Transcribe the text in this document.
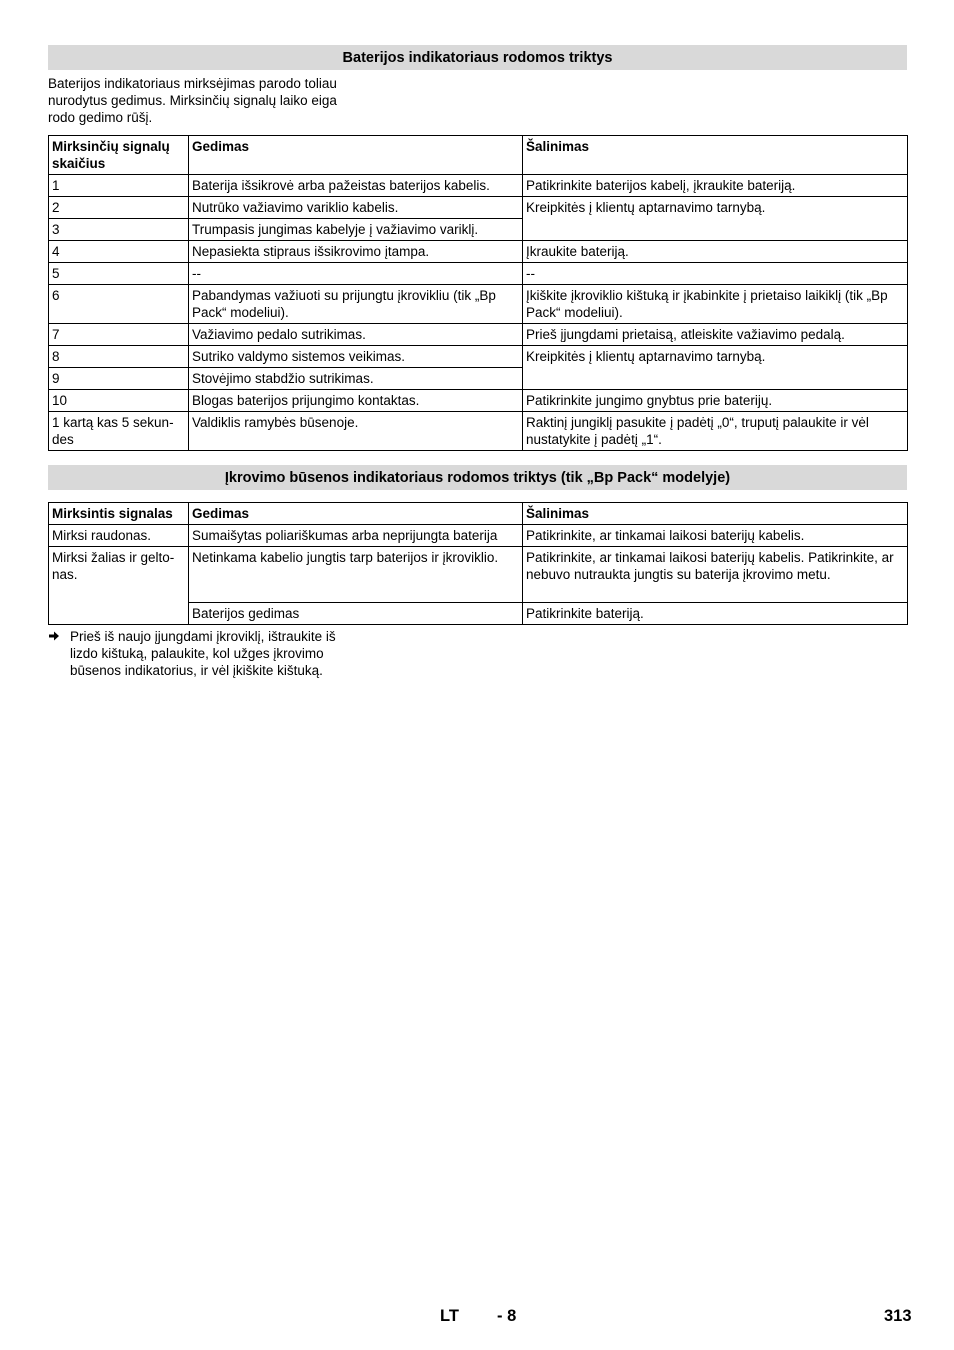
Baterijos indikatoriaus rodomos triktys
Baterijos indikatoriaus mirksėjimas parodo toliau nurodytus gedimus. Mirksinčių signalų laiko eiga rodo gedimo rūšį.
Mirksinčių signalų skaičius	Gedimas	Šalinimas
1	Baterija išsikrovė arba pažeistas baterijos kabelis.	Patikrinkite baterijos kabelį, įkraukite bateriją.
2	Nutrūko važiavimo variklio kabelis.	Kreipkitės į klientų aptarnavimo tarnybą.
3	Trumpasis jungimas kabelyje į važiavimo variklį.	
4	Nepasiekta stipraus išsikrovimo įtampa.	Įkraukite bateriją.
5	--	--
6	Pabandymas važiuoti su prijungtu įkrovikliu (tik „Bp Pack“ modeliui).	Įkiškite įkroviklio kištuką ir įkabinkite į prietaiso laikiklį (tik „Bp Pack“ modeliui).
7	Važiavimo pedalo sutrikimas.	Prieš įjungdami prietaisą, atleiskite važiavimo pedalą.
8	Sutriko valdymo sistemos veikimas.	Kreipkitės į klientų aptarnavimo tarnybą.
9	Stovėjimo stabdžio sutrikimas.	
10	Blogas baterijos prijungimo kontaktas.	Patikrinkite jungimo gnybtus prie baterijų.
1 kartą kas 5 sekun-des	Valdiklis ramybės būsenoje.	Raktinį jungiklį pasukite į padėtį „0“, truputį palaukite ir vėl nustatykite į padėtį „1“.
Įkrovimo būsenos indikatoriaus rodomos triktys (tik „Bp Pack“ modelyje)
Mirksintis signalas	Gedimas	Šalinimas
Mirksi raudonas.	Sumaišytas poliariškumas arba neprijungta baterija	Patikrinkite, ar tinkamai laikosi baterijų kabelis.
Mirksi žalias ir gelto-nas.	Netinkama kabelio jungtis tarp baterijos ir įkroviklio.	Patikrinkite, ar tinkamai laikosi baterijų kabelis. Patikrinkite, ar nebuvo nutraukta jungtis su baterija įkrovimo metu.
	Baterijos gedimas	Patikrinkite bateriją.
Prieš iš naujo įjungdami įkroviklį, ištraukite iš lizdo kištuką, palaukite, kol užges įkrovimo būsenos indikatorius, ir vėl įkiškite kištuką.
LT - 8	313
